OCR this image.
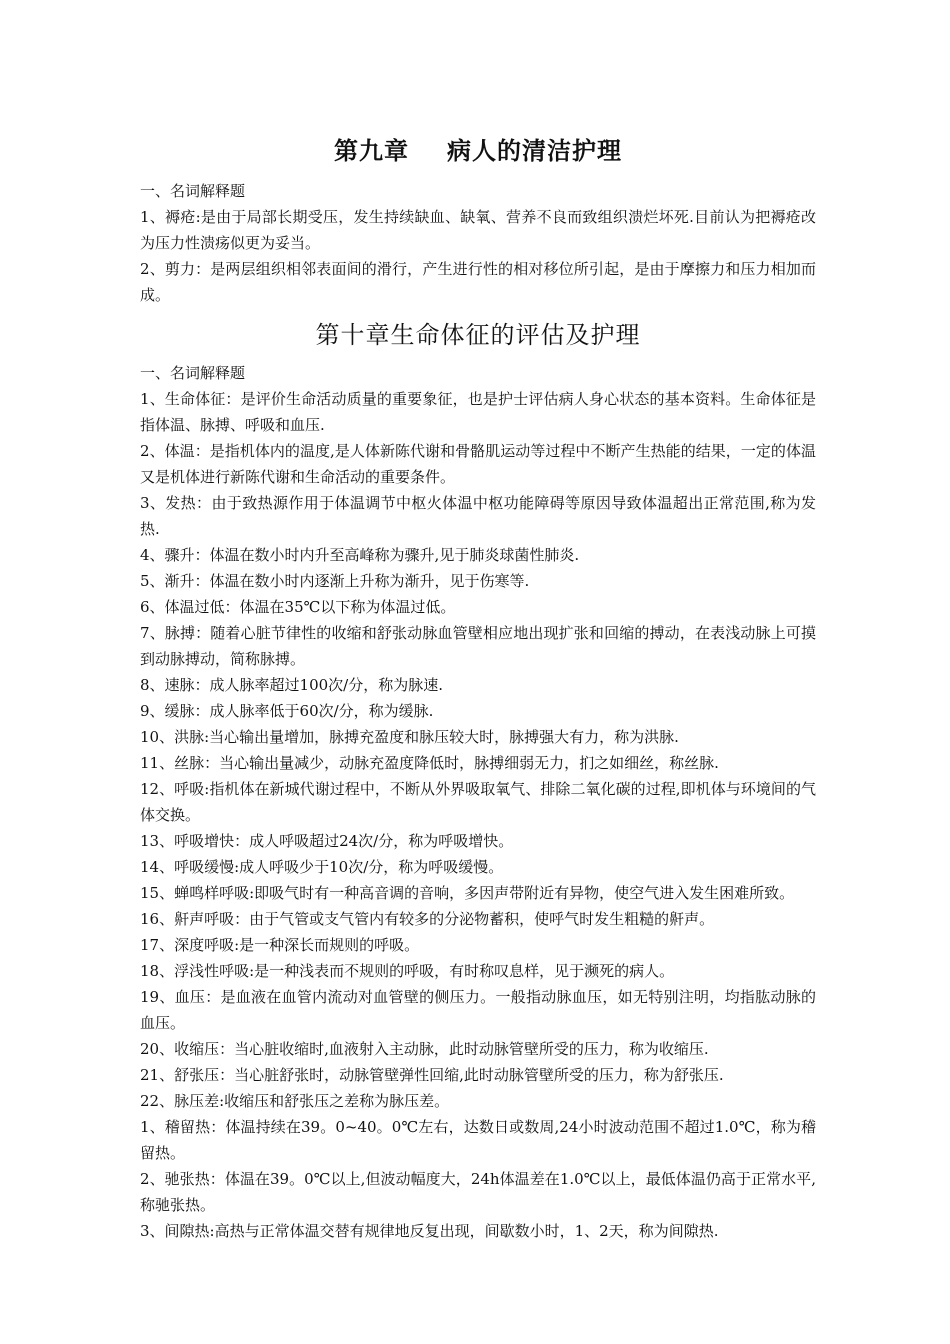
第九章 病人的清洁护理

一、名词解释题

1、褥疮:是由于局部长期受压，发生持续缺血、缺氧、营养不良而致组织溃烂坏死.目前认为把褥疮改为压力性溃疡似更为妥当。

2、剪力：是两层组织相邻表面间的滑行，产生进行性的相对移位所引起，是由于摩擦力和压力相加而成。

第十章生命体征的评估及护理

一、名词解释题

1、生命体征：是评价生命活动质量的重要象征，也是护士评估病人身心状态的基本资料。生命体征是指体温、脉搏、呼吸和血压.

2、体温：是指机体内的温度,是人体新陈代谢和骨骼肌运动等过程中不断产生热能的结果，一定的体温又是机体进行新陈代谢和生命活动的重要条件。

3、发热：由于致热源作用于体温调节中枢火体温中枢功能障碍等原因导致体温超出正常范围,称为发热.

4、骤升：体温在数小时内升至高峰称为骤升,见于肺炎球菌性肺炎.

5、渐升：体温在数小时内逐渐上升称为渐升，见于伤寒等.

6、体温过低：体温在35℃以下称为体温过低。

7、脉搏：随着心脏节律性的收缩和舒张动脉血管壁相应地出现扩张和回缩的搏动，在表浅动脉上可摸到动脉搏动，简称脉搏。

8、速脉：成人脉率超过100次/分，称为脉速.

9、缓脉：成人脉率低于60次/分，称为缓脉.

10、洪脉:当心输出量增加，脉搏充盈度和脉压较大时，脉搏强大有力，称为洪脉.

11、丝脉：当心输出量减少，动脉充盈度降低时，脉搏细弱无力，扪之如细丝，称丝脉.

12、呼吸:指机体在新城代谢过程中，不断从外界吸取氧气、排除二氧化碳的过程,即机体与环境间的气体交换。

13、呼吸增快：成人呼吸超过24次/分，称为呼吸增快。

14、呼吸缓慢:成人呼吸少于10次/分，称为呼吸缓慢。

15、蝉鸣样呼吸:即吸气时有一种高音调的音响，多因声带附近有异物，使空气进入发生困难所致。

16、鼾声呼吸：由于气管或支气管内有较多的分泌物蓄积，使呼气时发生粗糙的鼾声。

17、深度呼吸:是一种深长而规则的呼吸。

18、浮浅性呼吸:是一种浅表而不规则的呼吸，有时称叹息样，见于濒死的病人。

19、血压：是血液在血管内流动对血管壁的侧压力。一般指动脉血压，如无特别注明，均指肱动脉的血压。

20、收缩压：当心脏收缩时,血液射入主动脉，此时动脉管壁所受的压力，称为收缩压.

21、舒张压：当心脏舒张时，动脉管壁弹性回缩,此时动脉管壁所受的压力，称为舒张压.

22、脉压差:收缩压和舒张压之差称为脉压差。

1、稽留热：体温持续在39。0~40。0℃左右，达数日或数周,24小时波动范围不超过1.0℃，称为稽留热。

2、驰张热：体温在39。0℃以上,但波动幅度大，24h体温差在1.0℃以上，最低体温仍高于正常水平,称驰张热。

3、间隙热:高热与正常体温交替有规律地反复出现，间歇数小时，1、2天，称为间隙热.
